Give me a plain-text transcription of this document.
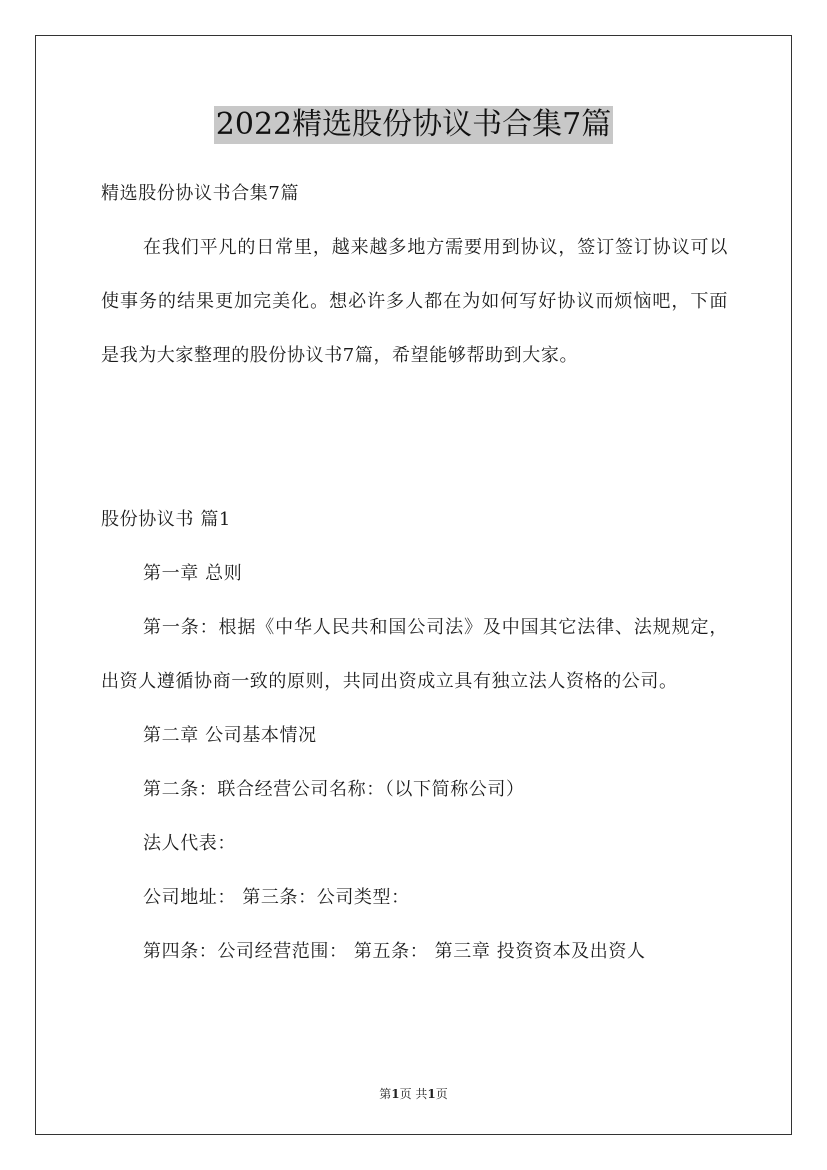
2022精选股份协议书合集7篇

精选股份协议书合集7篇

在我们平凡的日常里，越来越多地方需要用到协议，签订签订协议可以使事务的结果更加完美化。想必许多人都在为如何写好协议而烦恼吧，下面是我为大家整理的股份协议书7篇，希望能够帮助到大家。

股份协议书 篇1

第一章 总则

第一条：根据《中华人民共和国公司法》及中国其它法律、法规规定，出资人遵循协商一致的原则，共同出资成立具有独立法人资格的公司。

第二章 公司基本情况

第二条：联合经营公司名称：（以下简称公司）

法人代表：

公司地址： 第三条：公司类型：

第四条：公司经营范围： 第五条： 第三章 投资资本及出资人

第1页 共1页
